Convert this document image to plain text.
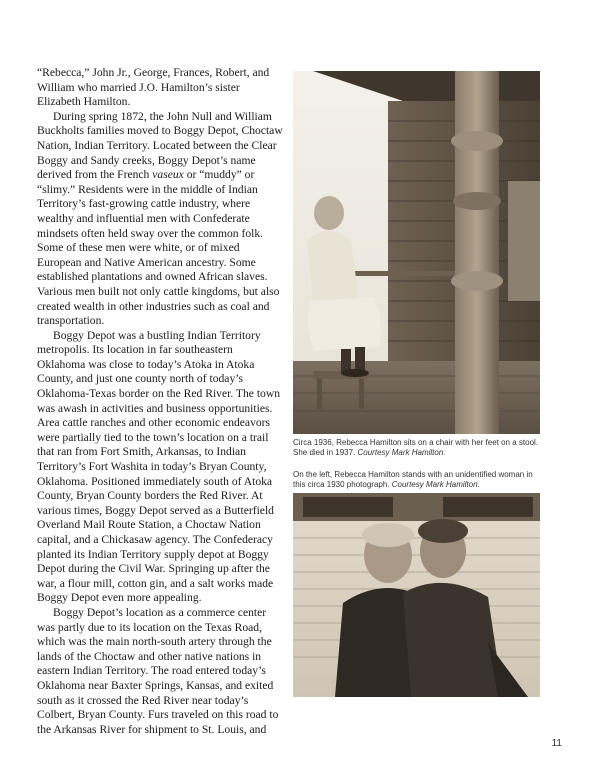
“Rebecca,” John Jr., George, Frances, Robert, and William who married J.O. Hamilton’s sister Elizabeth Hamilton.

During spring 1872, the John Null and William Buckholts families moved to Boggy Depot, Choctaw Nation, Indian Territory. Located between the Clear Boggy and Sandy creeks, Boggy Depot’s name derived from the French vaseux or “muddy” or “slimy.” Residents were in the middle of Indian Territory’s fast-growing cattle industry, where wealthy and influential men with Confederate mindsets often held sway over the common folk. Some of these men were white, or of mixed European and Native American ancestry. Some established plantations and owned African slaves. Various men built not only cattle kingdoms, but also created wealth in other industries such as coal and transportation.

Boggy Depot was a bustling Indian Territory metropolis. Its location in far southeastern Oklahoma was close to today’s Atoka in Atoka County, and just one county north of today’s Oklahoma-Texas border on the Red River. The town was awash in activities and business opportunities. Area cattle ranches and other economic endeavors were partially tied to the town’s location on a trail that ran from Fort Smith, Arkansas, to Indian Territory’s Fort Washita in today’s Bryan County, Oklahoma. Positioned immediately south of Atoka County, Bryan County borders the Red River. At various times, Boggy Depot served as a Butterfield Overland Mail Route Station, a Choctaw Nation capital, and a Chickasaw agency. The Confederacy planted its Indian Territory supply depot at Boggy Depot during the Civil War. Springing up after the war, a flour mill, cotton gin, and a salt works made Boggy Depot even more appealing.

Boggy Depot’s location as a commerce center was partly due to its location on the Texas Road, which was the main north-south artery through the lands of the Choctaw and other native nations in eastern Indian Territory. The road entered today’s Oklahoma near Baxter Springs, Kansas, and exited south as it crossed the Red River near today’s Colbert, Bryan County. Furs traveled on this road to the Arkansas River for shipment to St. Louis, and

Circa 1936, Rebecca Hamilton sits on a chair with her feet on a stool. She died in 1937. Courtesy Mark Hamilton.
On the left, Rebecca Hamilton stands with an unidentified woman in this circa 1930 photograph. Courtesy Mark Hamilton.
11
